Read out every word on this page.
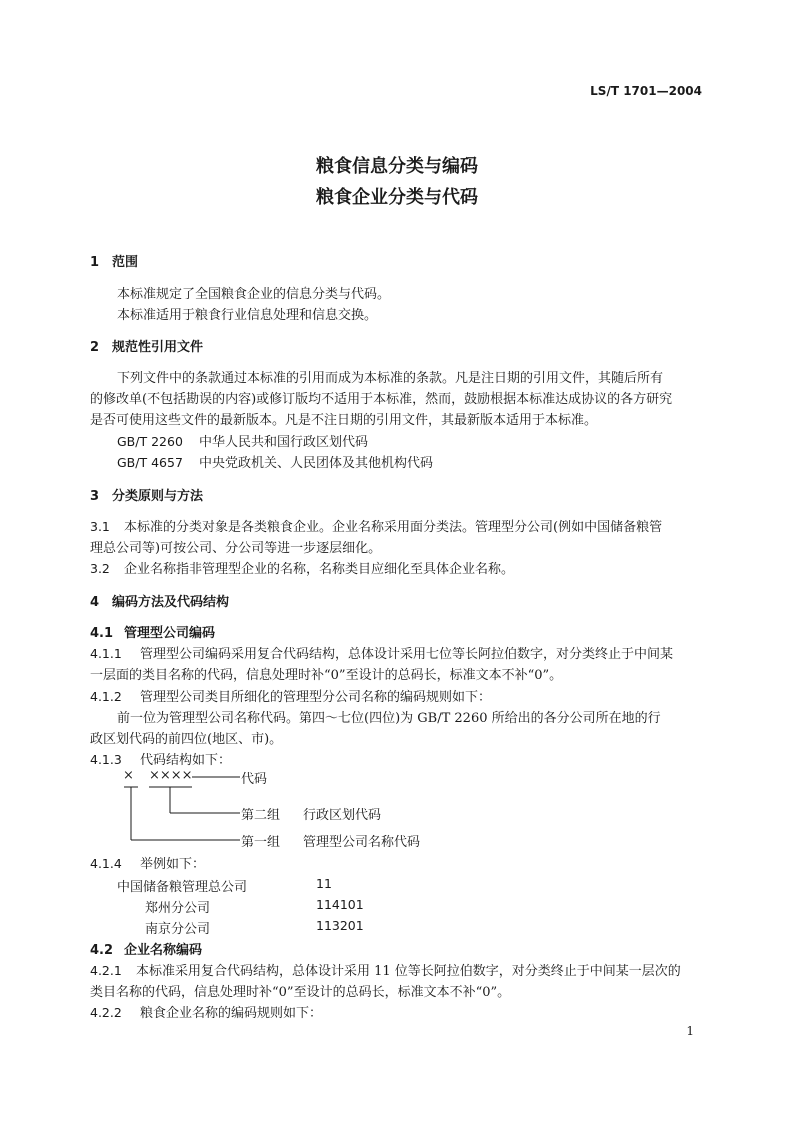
LS/T 1701—2004
粮食信息分类与编码
粮食企业分类与代码
1 范围
本标准规定了全国粮食企业的信息分类与代码。
本标准适用于粮食行业信息处理和信息交换。
2 规范性引用文件
下列文件中的条款通过本标准的引用而成为本标准的条款。凡是注日期的引用文件，其随后所有
的修改单(不包括勘误的内容)或修订版均不适用于本标准，然而，鼓励根据本标准达成协议的各方研究
是否可使用这些文件的最新版本。凡是不注日期的引用文件，其最新版本适用于本标准。
GB/T 2260 中华人民共和国行政区划代码
GB/T 4657 中央党政机关、人民团体及其他机构代码
3 分类原则与方法
3.1 本标准的分类对象是各类粮食企业。企业名称采用面分类法。管理型分公司(例如中国储备粮管
理总公司等)可按公司、分公司等进一步逐层细化。
3.2 企业名称指非管理型企业的名称，名称类目应细化至具体企业名称。
4 编码方法及代码结构
4.1 管理型公司编码
4.1.1 管理型公司编码采用复合代码结构，总体设计采用七位等长阿拉伯数字，对分类终止于中间某
一层面的类目名称的代码，信息处理时补“0”至设计的总码长，标准文本不补“0”。
4.1.2 管理型公司类目所细化的管理型分公司名称的编码规则如下：
前一位为管理型公司名称代码。第四～七位(四位)为 GB/T 2260 所给出的各分公司所在地的行
政区划代码的前四位(地区、市)。
4.1.3 代码结构如下：
× ××××	代码
第二组 行政区划代码
第一组 管理型公司名称代码
4.1.4 举例如下：
中国储备粮管理总公司	11
郑州分公司	114101
南京分公司	113201
4.2 企业名称编码
4.2.1 本标准采用复合代码结构，总体设计采用 11 位等长阿拉伯数字，对分类终止于中间某一层次的
类目名称的代码，信息处理时补“0”至设计的总码长，标准文本不补“0”。
4.2.2 粮食企业名称的编码规则如下：
1
